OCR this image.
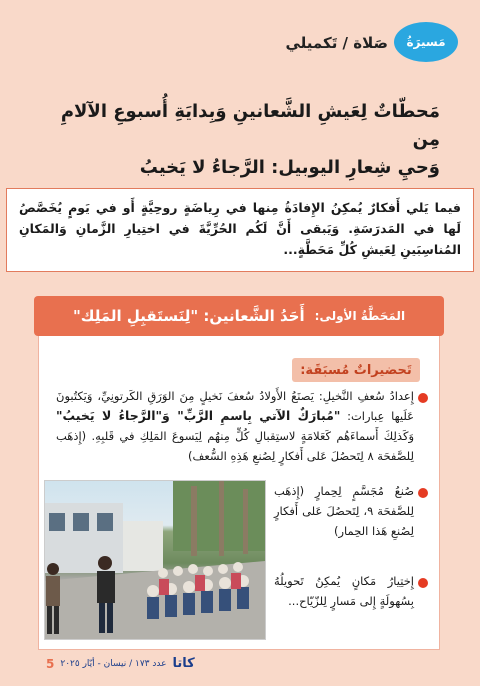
مَسيرَةُ
صَلاة / تَكميلي
مَحطّاتٌ لِعَيشِ الشَّعانينِ وَبِدايَةِ أُسبوعِ الآلامِ مِن
وَحيِ شِعارِ اليوبيل: الرَّجاءُ لا يَخيبُ

فيما يَلي أَفكارٌ يُمكِنُ الإِفادَةُ مِنها في رِياضَةٍ روحِيَّةٍ أَو في يَومٍ يُخَصَّصُ لَها في المَدرَسَةِ. وَيَبقى أَنَّ لَكُم الحُرِّيَّةَ في اختِيارِ الزَّمانِ وَالمَكانِ المُناسِبَينِ لِعَيشِ كُلِّ مَحَطَّةٍ...

المَحَطَّةُ الأولى:
أَحَدُ الشَّعانين: "لِنَستَقبِلِ المَلِك"
تَحضيراتٌ مُسبَقَة:
إِعدادُ سُعفِ النَّخيلِ: يَصنَعُ الأَولادُ سُعفَ نَخيلٍ مِنَ الوَرَقِ الكَرتونِيِّ، وَيَكتُبونَ عَلَيها عِبارات: "مُبارَكٌ الآتي بِاسمِ الرَّبِّ" وَ"الرَّجاءُ لا يَخيبُ" وَكَذلِكَ أَسماءَهُم كَعَلامَةٍ لاستِقبالِ كُلٍّ مِنهُم لِيَسوعَ المَلِكِ في قَلبِهِ. (إِذهَب لِلصَّفحَة ٨ لِتَحصُلَ عَلى أَفكارٍ لِصُنعِ هَذِهِ السُّعف)
صُنعُ مُجَسَّمٍ لِحِمارٍ (إِذهَب لِلصَّفحَة ٩، لِتَحصُلَ عَلى أَفكارٍ لِصُنعِ هَذا الحِمار)
إِختِيارُ مَكانٍ يُمكِنُ تَحويلُهُ بِسُهولَةٍ إِلى مَسارٍ لِلزّيّاح...
كاتا
عدد ١٧٣ / نيسان - أيّار ٢٠٢٥
5
